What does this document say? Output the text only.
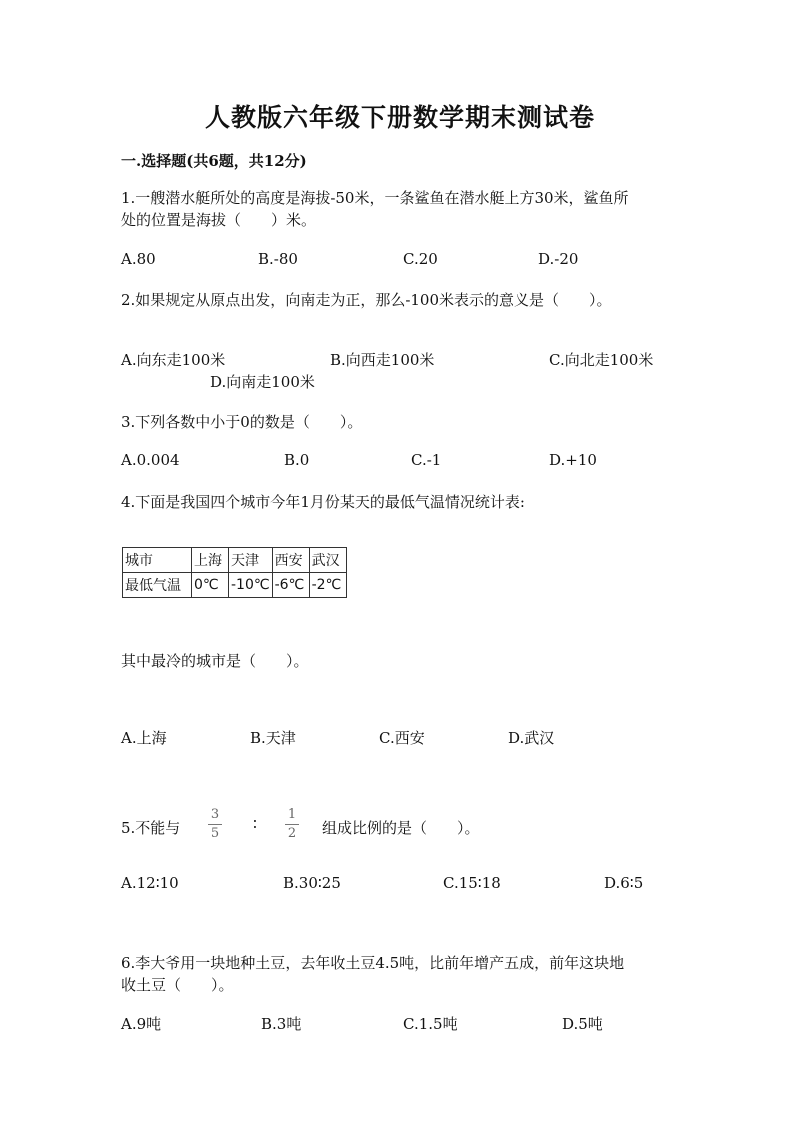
人教版六年级下册数学期末测试卷
一.选择题(共6题，共12分)
1.一艘潜水艇所处的高度是海拔-50米，一条鲨鱼在潜水艇上方30米，鲨鱼所
处的位置是海拔（　　）米。
A.80	B.-80	C.20	D.-20
2.如果规定从原点出发，向南走为正，那么-100米表示的意义是（　　）。
A.向东走100米	B.向西走100米	C.向北走100米
D.向南走100米
3.下列各数中小于0的数是（　　）。
A.0.004	B.0	C.-1	D.+10
4.下面是我国四个城市今年1月份某天的最低气温情况统计表:
城市	上海	天津	西安	武汉
最低气温	0℃	-10℃	-6℃	-2℃
其中最冷的城市是（　　）。
A.上海	B.天津	C.西安	D.武汉
5.不能与
3
5
∶
1
2 组成比例的是（　　）。
A.12∶10	B.30∶25	C.15∶18	D.6∶5
6.李大爷用一块地种土豆，去年收土豆4.5吨，比前年增产五成，前年这块地
收土豆（　　）。
A.9吨	B.3吨	C.1.5吨	D.5吨
